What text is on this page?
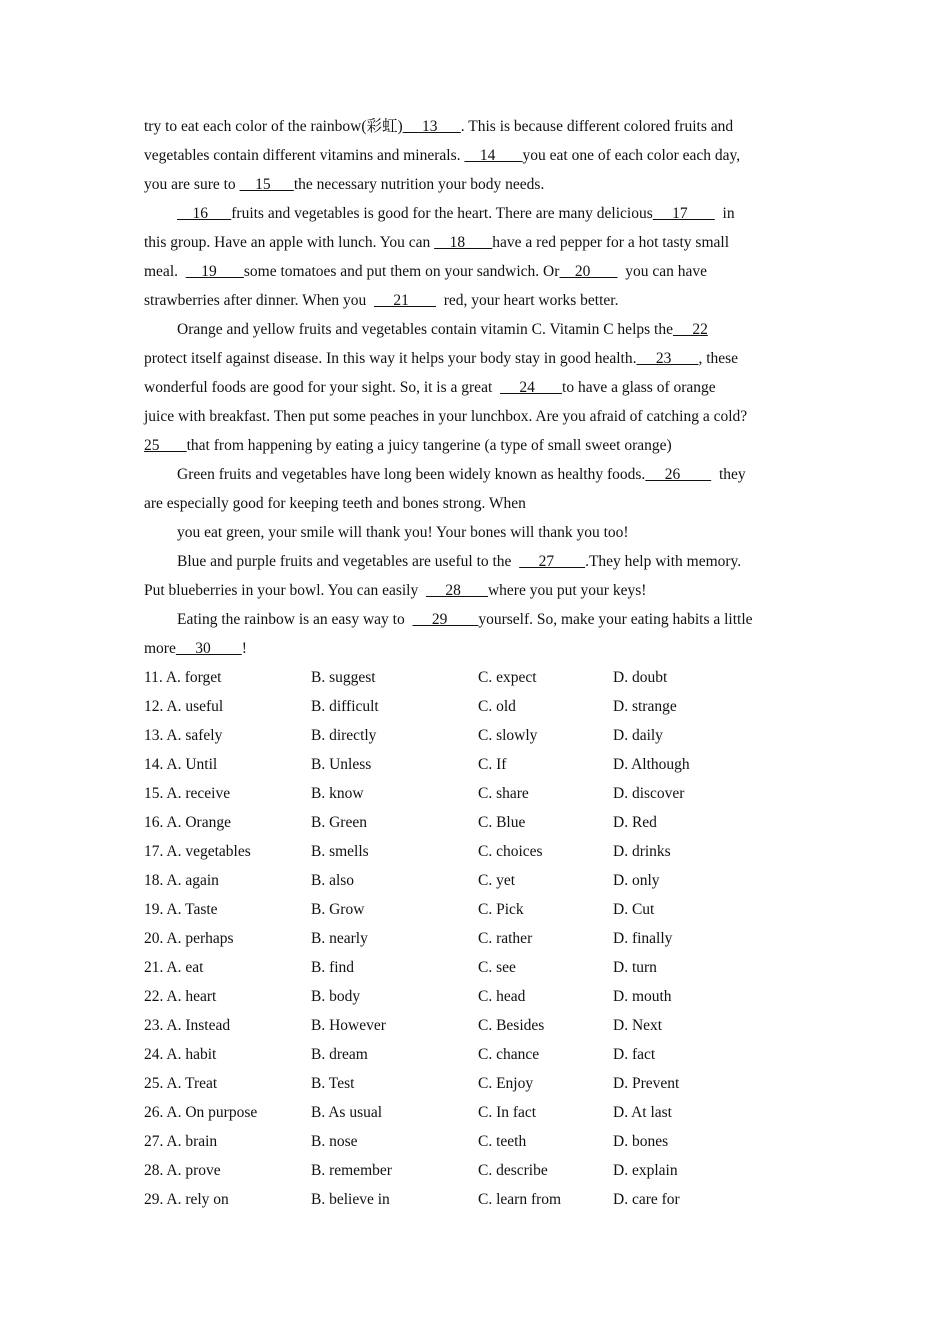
try to eat each color of the rainbow(彩虹)     13      . This is because different colored fruits and
vegetables contain different vitamins and minerals.     14       you eat one of each color each day,
you are sure to     15      the necessary nutrition your body needs.
16      fruits and vegetables is good for the heart. There are many delicious     17         in
this group. Have an apple with lunch. You can     18       have a red pepper for a hot tasty small
meal.      19       some tomatoes and put them on your sandwich. Or    20         you can have
strawberries after dinner. When you       21         red, your heart works better.
Orange and yellow fruits and vegetables contain vitamin C. Vitamin C helps the     22
protect itself against disease. In this way it helps your body stay in good health.     23       , these
wonderful foods are good for your sight. So, it is a great       24       to have a glass of orange
juice with breakfast. Then put some peaches in your lunchbox. Are you afraid of catching a cold?
25       that from happening by eating a juicy tangerine (a type of small sweet orange)
Green fruits and vegetables have long been widely known as healthy foods.     26          they
are especially good for keeping teeth and bones strong. When
you eat green, your smile will thank you! Your bones will thank you too!
Blue and purple fruits and vegetables are useful to the       27        .They help with memory.
Put blueberries in your bowl. You can easily       28       where you put your keys!
Eating the rainbow is an easy way to       29        yourself. So, make your eating habits a little
more     30        !
11. A. forget	B. suggest	C. expect	D. doubt
12. A. useful	B. difficult	C. old	D. strange
13. A. safely	B. directly	C. slowly	D. daily
14. A. Until	B. Unless	C. If	D. Although
15. A. receive	B. know	C. share	D. discover
16. A. Orange	B. Green	C. Blue	D. Red
17. A. vegetables	B. smells	C. choices	D. drinks
18. A. again	B. also	C. yet	D. only
19. A. Taste	B. Grow	C. Pick	D. Cut
20. A. perhaps	B. nearly	C. rather	D. finally
21. A. eat	B. find	C. see	D. turn
22. A. heart	B. body	C. head	D. mouth
23. A. Instead	B. However	C. Besides	D. Next
24. A. habit	B. dream	C. chance	D. fact
25. A. Treat	B. Test	C. Enjoy	D. Prevent
26. A. On purpose	B. As usual	C. In fact	D. At last
27. A. brain	B. nose	C. teeth	D. bones
28. A. prove	B. remember	C. describe	D. explain
29. A. rely on	B. believe in	C. learn from	D. care for
